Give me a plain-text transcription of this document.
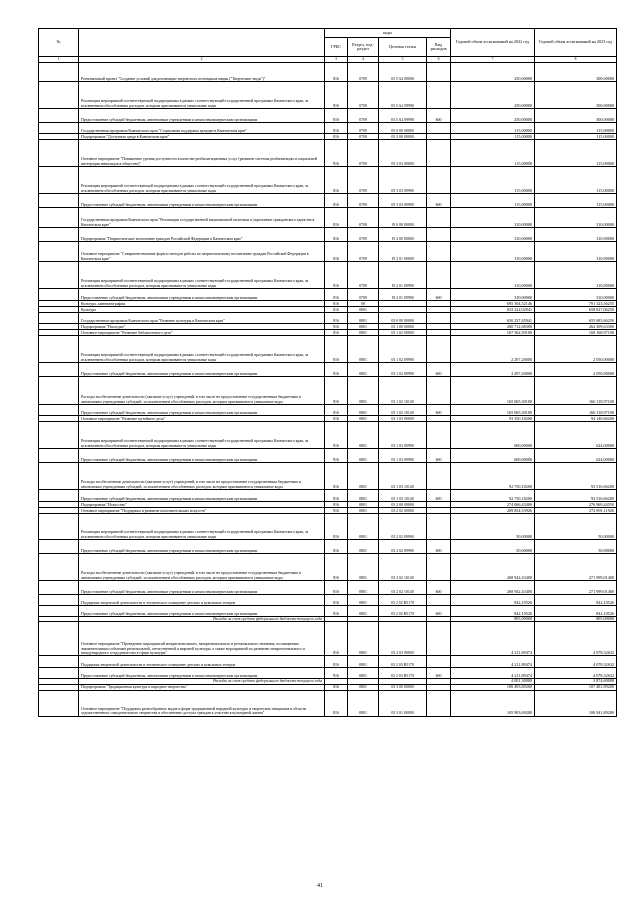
№		коды				Годовой объем ассигнований на 2022 год	Годовой объем ассигнований на 2023 год
		ГРБС	Раздел, под-раздел	Целевая статья	Вид расходов		
1	2	3	4	5	6	7	8
	Региональный проект "Создание условий для реализации творческого потенциала нации ("Творческие люди")"	816	0709	03 5 A2 00000		250,00000	300,00000
	Реализация мероприятий соответствующей подпрограммы в рамках соответствующей государственной программы Камчатского края, за исключением обособленных расходов, которым присваиваются уникальные коды	816	0709	03 5 A2 09990		250,00000	300,00000
	Предоставление субсидий бюджетным, автономным учреждениям и иным некоммерческим организациям	816	0709	03 5 A2 09990	600	250,00000	300,00000
	Государственная программа Камчатского края "Социальная поддержка граждан в Камчатском крае"	816	0709	05 0 00 00000		115,00000	115,00000
	Подпрограмма "Доступная среда в Камчатском крае"	816	0709	05 3 00 00000		115,00000	115,00000
	Основное мероприятие "Повышение уровня доступности в качестве реабилитационных услуг (развитие системы реабилитации и социальной интеграции инвалидов в обществе)"	816	0709	05 3 03 00000		115,00000	115,00000
	Реализация мероприятий соответствующей подпрограммы в рамках соответствующей государственной программы Камчатского края, за исключением обособленных расходов, которым присваиваются уникальные коды	816	0709	05 3 03 09990		115,00000	115,00000
	Предоставление субсидий бюджетным, автономным учреждениям и иным некоммерческим организациям	816	0709	05 3 03 09990	600	115,00000	115,00000
	Государственная программа Камчатского края "Реализация государственной национальной политики и укрепление гражданского единства в Камчатском крае"	816	0709	19 0 00 00000		310,00000	310,00000
	Подпрограмма "Патриотическое воспитание граждан Российской Федерации в Камчатском крае"	816	0709	19 2 00 00000		310,00000	310,00000
	Основное мероприятие "Совершенствование форм и методов работы по патриотическому воспитанию граждан Российской Федерации в Камчатском крае"	816	0709	19 2 01 00000		310,00000	310,00000
	Реализация мероприятий соответствующей подпрограммы в рамках соответствующей государственной программы Камчатского края, за исключением обособленных расходов, которым присваиваются уникальные коды	816	0709	19 2 01 09990		310,00000	310,00000
	Предоставление субсидий бюджетным, автономным учреждениям и иным некоммерческим организациям	816	0709	19 2 01 09990	600	310,00000	310,00000
	Культура, кинематография	816	08			695 304,52146	701 323,56255
	Культура	816	0801			653 222,02941	658 827,06250
	Государственная программа Камчатского края "Развитие культуры в Камчатском крае"	816	0801	03 0 00 00000		650 237,45941	655 683,66250
	Подпрограмма "Наследие"	816	0801	03 1 00 00000		260 712,68300	262 309,63300
	Основное мероприятие "Развитие библиотечного дела"	816	0801	03 1 02 00000		167 362,50100	168 168,97100
	Реализация мероприятий соответствующей подпрограммы в рамках соответствующей государственной программы Камчатского края, за исключением обособленных расходов, которым присваиваются уникальные коды	816	0801	03 1 02 09990		2 297,20000	2 050,00000
	Предоставление субсидий бюджетным, автономным учреждениям и иным некоммерческим организациям	816	0801	03 1 02 09990	600	2 297,20000	2 050,00000
	Расходы на обеспечение деятельности (оказание услуг) учреждений, в том числе на предоставление государственным бюджетным и автономным учреждениям субсидий, за исключением обособленных расходов, которым присваиваются уникальные коды	816	0801	03 1 02 10140		165 065,30100	166 118,97100
	Предоставление субсидий бюджетным, автономным учреждениям и иным некоммерческим организациям	816	0801	03 1 02 10140	600	165 065,30100	166 118,97100
	Основное мероприятие "Развитие музейного дела"	816	0801	03 1 03 00000		93 350,18200	94 140,66200
	Реализация мероприятий соответствующей подпрограммы в рамках соответствующей государственной программы Камчатского края, за исключением обособленных расходов, которым присваиваются уникальные коды	816	0801	03 1 03 09990		600,00000	624,00000
	Предоставление субсидий бюджетным, автономным учреждениям и иным некоммерческим организациям	816	0801	03 1 03 09990	600	600,00000	624,00000
	Расходы на обеспечение деятельности (оказание услуг) учреждений, в том числе на предоставление государственным бюджетным и автономным учреждениям субсидий, за исключением обособленных расходов, которым присваиваются уникальные коды	816	0801	03 1 03 10140		92 750,18200	93 516,66200
	Предоставление субсидий бюджетным, автономным учреждениям и иным некоммерческим организациям	816	0801	03 1 03 10140	600	92 750,18200	93 516,66200
	Подпрограмма "Искусство"	816	0801	03 2 00 00000		274 066,43400	276 969,44550
	Основное мероприятие "Поддержка и развитие исполнительских искусств"	816	0801	03 2 02 00000		269 854,53926	272 891,11926
	Реализация мероприятий соответствующей подпрограммы в рамках соответствующей государственной программы Камчатского края, за исключением обособленных расходов, которым присваиваются уникальные коды	816	0801	03 2 02 09990		50,00000	50,00000
	Предоставление субсидий бюджетным, автономным учреждениям и иным некоммерческим организациям	816	0801	03 2 02 09990	600	50,00000	50,00000
	Расходы на обеспечение деятельности (оказание услуг) учреждений, в том числе на предоставление государственным бюджетным и автономным учреждениям субсидий, за исключением обособленных расходов, которым присваиваются уникальные коды	816	0801	03 2 02 10140		268 942,43400	271 999,01400
	Предоставление субсидий бюджетным, автономным учреждениям и иным некоммерческим организациям	816	0801	03 2 02 10140	600	268 942,43400	271 999,01400
	Поддержка творческой деятельности и техническое оснащение детских и кукольных театров	816	0801	03 2 02 R5170		842,10526	842,10526
	Предоставление субсидий бюджетным, автономным учреждениям и иным некоммерческим организациям	816	0801	03 2 02 R5170	600	842,10526	842,10526
	Расходы за счет средств федерального бюджета текущего года					805,00000	805,00000
	Основное мероприятие "Проведение мероприятий межрегионального, межрегионального и регионального значения, посвященных знаменательным событиям региональной, отечественной и мировой культуры, а также мероприятий по развитию межрегионального и международного сотрудничества в сфере культуры"	816	0801	03 2 03 00000		4 211,89474	4 078,32632
	Поддержка творческой деятельности и техническое оснащение детских и кукольных театров	816	0801	03 2 03 R5170		4 211,89474	4 078,32632
	Предоставление субсидий бюджетным, автономным учреждениям и иным некоммерческим организациям	816	0801	03 2 03 R5170	600	4 211,89474	4 078,32632
	Расходы за счет средств федерального бюджета текущего года					4 001,30000	3 874,60000
	Подпрограмма "Традиционная культура и народное творчество"	816	0801	03 3 00 00000		106 493,69200	107 481,89200
	Основное мероприятие "Поддержка разнообразных видов и форм традиционной народной культуры и творческих инициатив в области художественного самодеятельного творчества и обеспечение доступа граждан к участию в культурной жизни"	816	0801	03 3 01 00000		105 903,69200	106 941,89200
41
